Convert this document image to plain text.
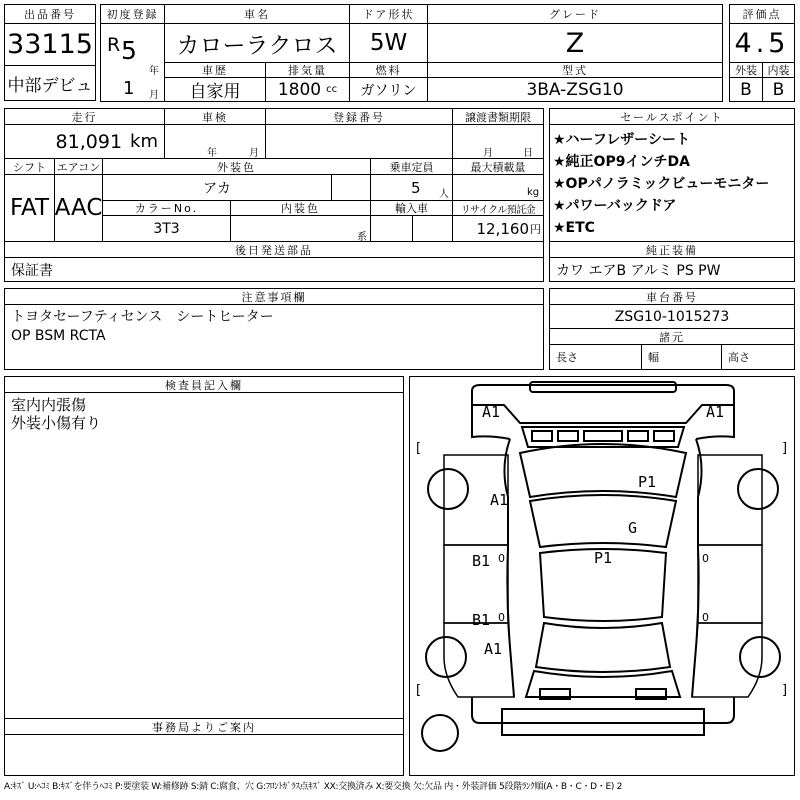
出品番号
33115
中部デビュ
初度登録
R 5
年
1 月
車名
カローラクロス
ドア形状
5W
グレード
Z
評価点
4.5
車歴
自家用
排気量
1800 cc
燃料
ガソリン
型式
3BA-ZSG10
外装
B
内装
B
走行
81,091 km
車検
年	月
登録番号	譲渡書類期限
月	日
セールスポイント
★ハーフレザーシート
★純正OP9インチDA
★OPパノラミックビューモニター
★パワーバックドア
★ETC
シフト
FAT
エアコン
AAC
外装色
アカ
乗車定員
5 人
最大積載量
kg
カラーNo.
3T3
内装色
系
輸入車	リサイクル預託金
12,160 円
後日発送部品
保証書
純正装備
カワ エアB アルミ PS PW
注意事項欄
トヨタセーフティセンス　シートヒーター
OP BSM RCTA
車台番号
ZSG10-1015273
諸元
長さ	幅	高さ
検査員記入欄
室内内張傷
外装小傷有り
事務局よりご案内
A1	A1
A1
B1
B1
A1
P1
G
P1
[	]
[	]
0
0
0
0
A:ｷｽﾞ U:ﾍｺﾐ B:ｷｽﾞを伴うﾍｺﾐ P:要塗装 W:補修跡 S:錆 C:腐食、穴 G:ﾌﾛﾝﾄｶﾞﾗｽ点ｷｽﾞ XX:交換済み X:要交換 欠:欠品 内・外装評価 5段階ﾗﾝｸ順(A・B・C・D・E) 2
